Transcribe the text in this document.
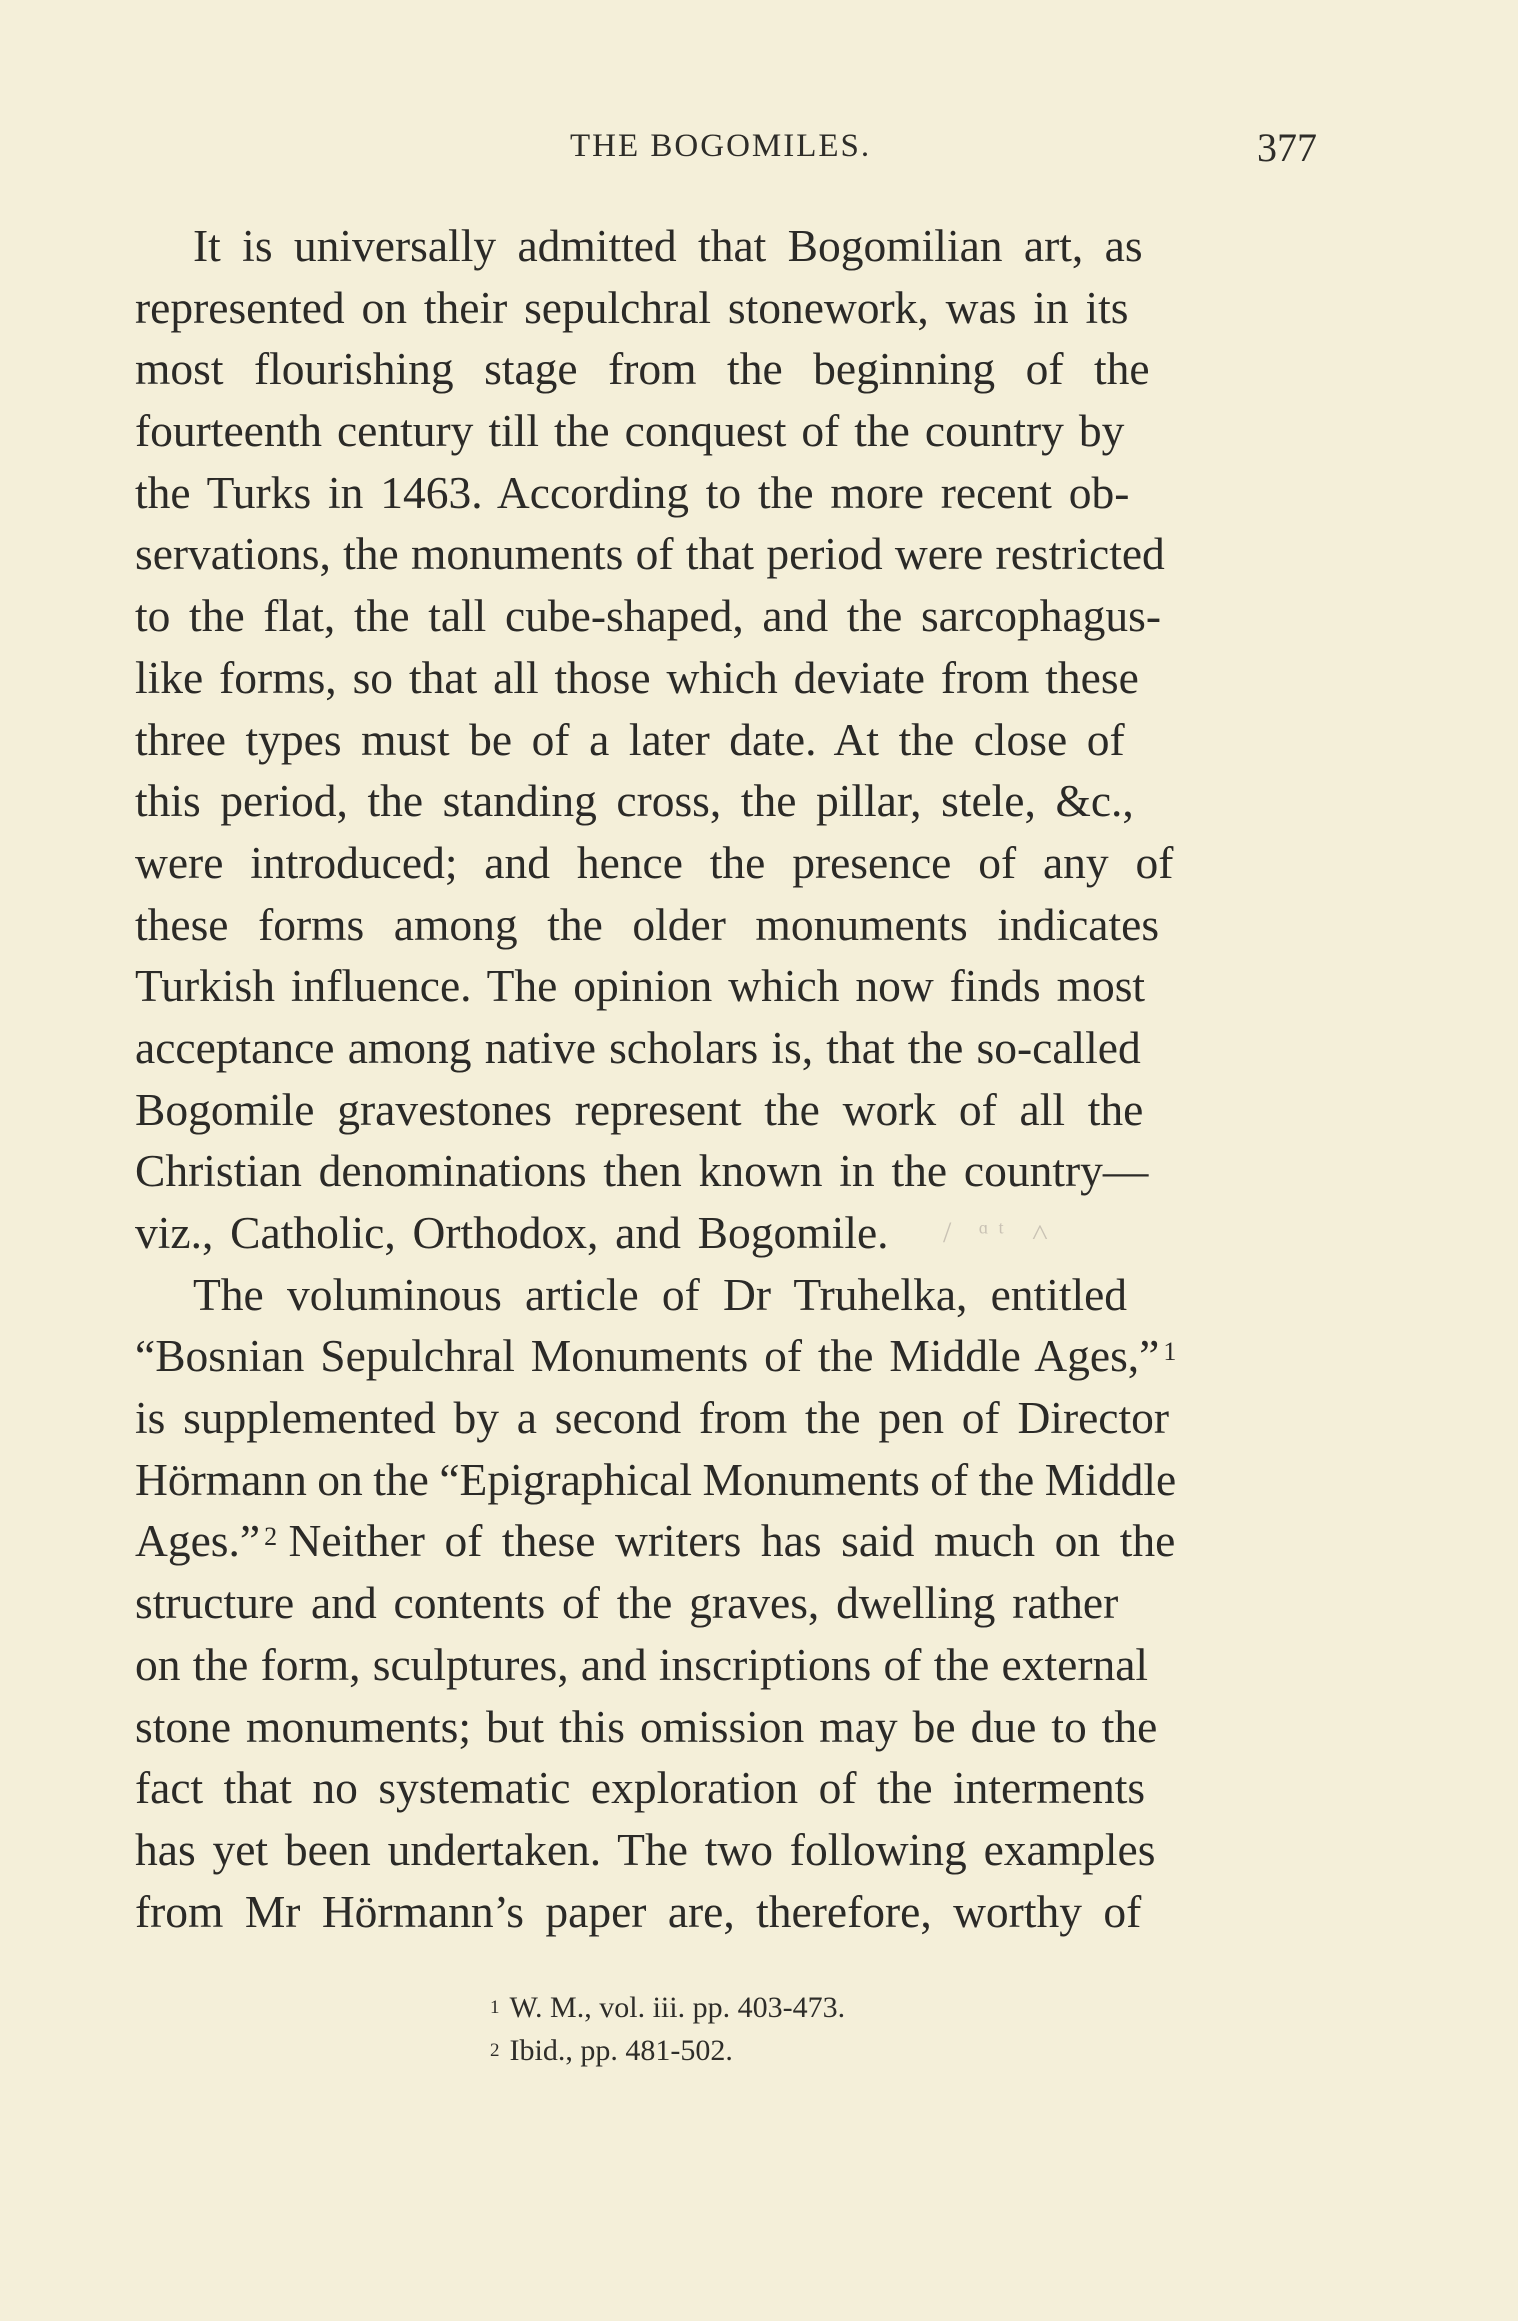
THE BOGOMILES.	377
It is universally admitted that Bogomilian art, as
represented on their sepulchral stonework, was in its
most flourishing stage from the beginning of the
fourteenth century till the conquest of the country by
the Turks in 1463. According to the more recent ob-
servations, the monuments of that period were restricted
to the flat, the tall cube-shaped, and the sarcophagus-
like forms, so that all those which deviate from these
three types must be of a later date. At the close of
this period, the standing cross, the pillar, stele, &c.,
were introduced; and hence the presence of any of
these forms among the older monuments indicates
Turkish influence. The opinion which now finds most
acceptance among native scholars is, that the so-called
Bogomile gravestones represent the work of all the
Christian denominations then known in the country—
viz., Catholic, Orthodox, and Bogomile. / ᵅᵗ ˄
The voluminous article of Dr Truhelka, entitled
“Bosnian Sepulchral Monuments of the Middle Ages,” $^1$
is supplemented by a second from the pen of Director
Hörmann on the “Epigraphical Monuments of the Middle
Ages.” $^2$ Neither of these writers has said much on the
structure and contents of the graves, dwelling rather
on the form, sculptures, and inscriptions of the external
stone monuments; but this omission may be due to the
fact that no systematic exploration of the interments
has yet been undertaken. The two following examples
from Mr Hörmann’s paper are, therefore, worthy of
$^1$ W. M., vol. iii. pp. 403-473.
$^2$ Ibid., pp. 481-502.
